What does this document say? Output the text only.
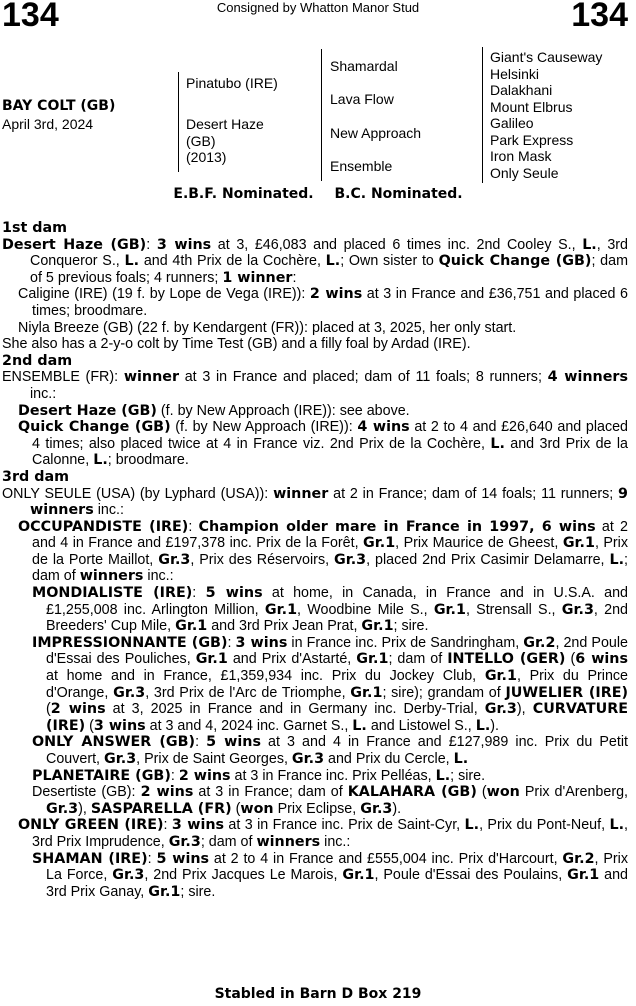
134	Consigned by Whatton Manor Stud	134
BAY COLT (GB)
April 3rd, 2024
Pinatubo (IRE)
Desert Haze
(GB)
(2013)
Shamardal
Lava Flow
New Approach
Ensemble
Giant's Causeway
Helsinki
Dalakhani
Mount Elbrus
Galileo
Park Express
Iron Mask
Only Seule
E.B.F. Nominated. B.C. Nominated.

1st dam

Desert Haze (GB): 3 wins at 3, £46,083 and placed 6 times inc. 2nd Cooley S., L., 3rd Conqueror S., L. and 4th Prix de la Cochère, L.; Own sister to Quick Change (GB); dam of 5 previous foals; 4 runners; 1 winner:

Caligine (IRE) (19 f. by Lope de Vega (IRE)): 2 wins at 3 in France and £36,751 and placed 6 times; broodmare.

Niyla Breeze (GB) (22 f. by Kendargent (FR)): placed at 3, 2025, her only start.

She also has a 2-y-o colt by Time Test (GB) and a filly foal by Ardad (IRE).

2nd dam

ENSEMBLE (FR): winner at 3 in France and placed; dam of 11 foals; 8 runners; 4 winners inc.:

Desert Haze (GB) (f. by New Approach (IRE)): see above.

Quick Change (GB) (f. by New Approach (IRE)): 4 wins at 2 to 4 and £26,640 and placed 4 times; also placed twice at 4 in France viz. 2nd Prix de la Cochère, L. and 3rd Prix de la Calonne, L.; broodmare.

3rd dam

ONLY SEULE (USA) (by Lyphard (USA)): winner at 2 in France; dam of 14 foals; 11 runners; 9 winners inc.:

OCCUPANDISTE (IRE): Champion older mare in France in 1997, 6 wins at 2 and 4 in France and £197,378 inc. Prix de la Forêt, Gr.1, Prix Maurice de Gheest, Gr.1, Prix de la Porte Maillot, Gr.3, Prix des Réservoirs, Gr.3, placed 2nd Prix Casimir Delamarre, L.; dam of winners inc.:

MONDIALISTE (IRE): 5 wins at home, in Canada, in France and in U.S.A. and £1,255,008 inc. Arlington Million, Gr.1, Woodbine Mile S., Gr.1, Strensall S., Gr.3, 2nd Breeders' Cup Mile, Gr.1 and 3rd Prix Jean Prat, Gr.1; sire.

IMPRESSIONNANTE (GB): 3 wins in France inc. Prix de Sandringham, Gr.2, 2nd Poule d'Essai des Pouliches, Gr.1 and Prix d'Astarté, Gr.1; dam of INTELLO (GER) (6 wins at home and in France, £1,359,934 inc. Prix du Jockey Club, Gr.1, Prix du Prince d'Orange, Gr.3, 3rd Prix de l'Arc de Triomphe, Gr.1; sire); grandam of JUWELIER (IRE) (2 wins at 3, 2025 in France and in Germany inc. Derby-Trial, Gr.3), CURVATURE (IRE) (3 wins at 3 and 4, 2024 inc. Garnet S., L. and Listowel S., L.).

ONLY ANSWER (GB): 5 wins at 3 and 4 in France and £127,989 inc. Prix du Petit Couvert, Gr.3, Prix de Saint Georges, Gr.3 and Prix du Cercle, L.

PLANETAIRE (GB): 2 wins at 3 in France inc. Prix Pelléas, L.; sire.

Desertiste (GB): 2 wins at 3 in France; dam of KALAHARA (GB) (won Prix d'Arenberg, Gr.3), SASPARELLA (FR) (won Prix Eclipse, Gr.3).

ONLY GREEN (IRE): 3 wins at 3 in France inc. Prix de Saint-Cyr, L., Prix du Pont-Neuf, L., 3rd Prix Imprudence, Gr.3; dam of winners inc.:

SHAMAN (IRE): 5 wins at 2 to 4 in France and £555,004 inc. Prix d'Harcourt, Gr.2, Prix La Force, Gr.3, 2nd Prix Jacques Le Marois, Gr.1, Poule d'Essai des Poulains, Gr.1 and 3rd Prix Ganay, Gr.1; sire.

Stabled in Barn D Box 219
